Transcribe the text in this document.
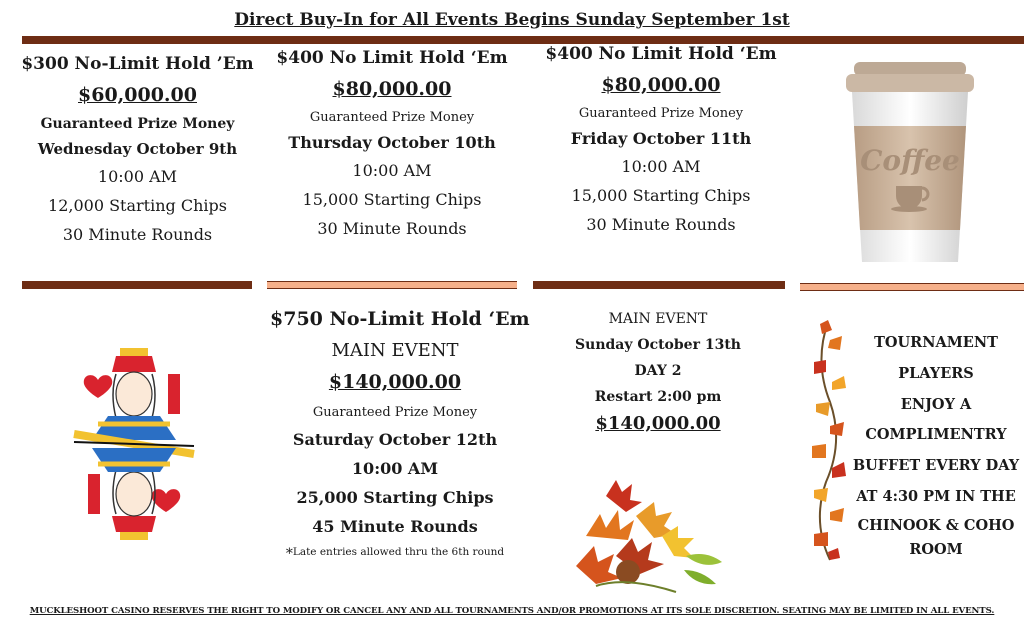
Direct Buy-In for All Events Begins Sunday September 1st
$300 No-Limit Hold ’Em
$60,000.00
Guaranteed Prize Money
Wednesday October 9th
10:00 AM
12,000 Starting Chips
30 Minute Rounds
$400 No Limit Hold ‘Em
$80,000.00
Guaranteed Prize Money
Thursday October 10th
10:00 AM
15,000 Starting Chips
30 Minute Rounds
$400 No Limit Hold ‘Em
$80,000.00
Guaranteed Prize Money
Friday October 11th
10:00 AM
15,000 Starting Chips
30 Minute Rounds
Coffee
$750 No-Limit Hold ‘Em
MAIN EVENT
$140,000.00
Guaranteed Prize Money
Saturday October 12th
10:00 AM
25,000 Starting Chips
45 Minute Rounds
*Late entries allowed thru the 6th round
MAIN EVENT
Sunday October 13th
DAY 2
Restart 2:00 pm
$140,000.00
TOURNAMENT
PLAYERS
ENJOY A
COMPLIMENTRY
BUFFET EVERY DAY
AT 4:30 PM IN THE
CHINOOK & COHO
ROOM
MUCKLESHOOT CASINO RESERVES THE RIGHT TO MODIFY OR CANCEL ANY AND ALL TOURNAMENTS AND/OR PROMOTIONS AT ITS SOLE DISCRETION. SEATING MAY BE LIMITED IN ALL EVENTS.
